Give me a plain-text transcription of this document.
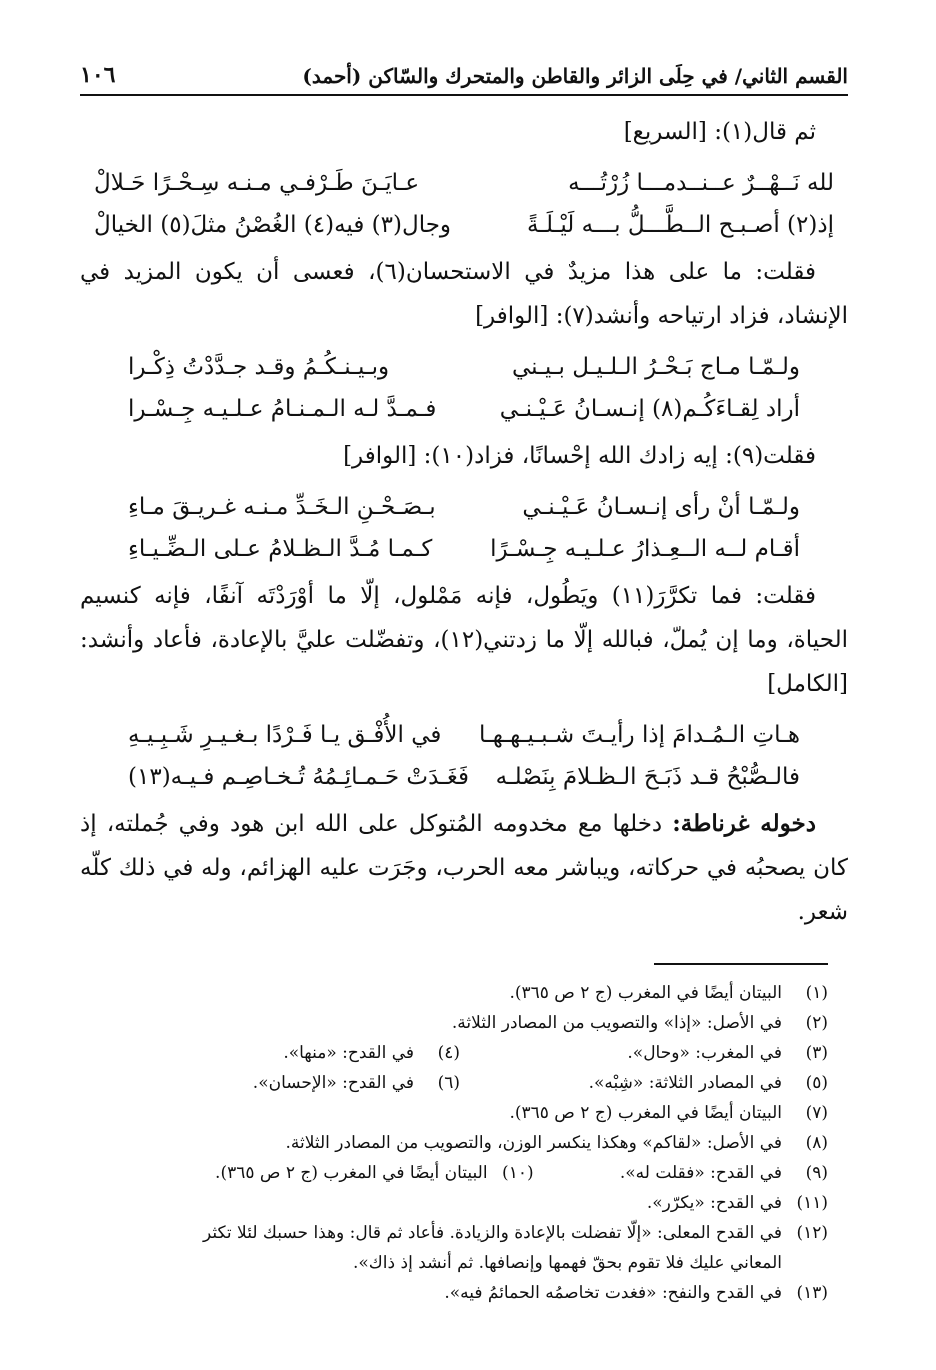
القسم الثاني/ في حِلَى الزائر والقاطن والمتحرك والسّاكن (أحمد)
١٠٦

ثم قال(١): [السريع]

لله نَــهْــرٌ عــنــدمـــا زُرْتُـــه
عـايَـنَ طَـرْفـي مـنـه سِـحْـرًا حَـلالْ
إذ(٢) أصـبـح الــطَّـــلُّ بـــه لَيْـلَـةً
وجال(٣) فيه(٤) الغُصْنُ مثلَ(٥) الخيالْ

فقلت: ما على هذا مزيدٌ في الاستحسان(٦)، فعسى أن يكون المزيد في الإنشاد، فزاد ارتياحه وأنشد(٧): [الوافر]

ولـمّـا مـاج بَـحْـرُ الـلـيـل بـيـني
وبـيـنـكُـمُ وقـد جـدَّدْتُ ذِكْـرا
أراد لِقـاءَكُـم(٨) إنـسـانُ عَـيْـنـي
فـمـدَّ لـه الـمـنـامُ عـلـيـه جِـسْـرا

فقلت(٩): إيه زادك الله إحْسانًا، فزاد(١٠): [الوافر]

ولـمّـا أنْ رأى إنـسـانُ عَـيْـنـي
بـصَـحْـنِ الـخَـدِّ مـنـه غـريـقَ مـاءِ
أقـام لــه الــعِـذارُ عـلـيـه جِـسْـرًا
كـمـا مُـدَّ الـظـلامُ عـلى الـضِّـيـاءِ

فقلت: فما تكرَّرَ(١١) ويَطُول، فإنه مَمْلول، إلّا ما أوْرَدْتَه آنفًا، فإنه كنسيم الحياة، وما إن يُملّ، فبالله إلّا ما زدتني(١٢)، وتفضّلت عليَّ بالإعادة، فأعاد وأنشد: [الكامل]

هـاتِ الـمُـدامَ إذا رأيـتَ شـبـيـهـهـا
في الأُفْـق يـا فَـرْدًا بـغـيـرِ شَـبِـيـهِ
فالـصُّبْحُ قـد ذَبَـحَ الـظـلامَ بِنَصْلـه
فَغَـدَتْ حَـمـائِـمُهُ تُـخـاصِـم فـيـه(١٣)

دخوله غرناطة: دخلها مع مخدومه المُتوكل على الله ابن هود وفي جُملته، إذ كان يصحبُه في حركاته، ويباشر معه الحرب، وجَرَت عليه الهزائم، وله في ذلك كلّه شعر.

(١)
البيتان أيضًا في المغرب (ج ٢ ص ٣٦٥).
(٢)
في الأصل: «إذا» والتصويب من المصادر الثلاثة.
(٣)
في المغرب: «وحال».
(٤)
في القدح: «منها».
(٥)
في المصادر الثلاثة: «شِبْه».
(٦)
في القدح: «الإحسان».
(٧)
البيتان أيضًا في المغرب (ج ٢ ص ٣٦٥).
(٨)
في الأصل: «لقاكم» وهكذا ينكسر الوزن، والتصويب من المصادر الثلاثة.
(٩)
في القدح: «فقلت له».
(١٠)
البيتان أيضًا في المغرب (ج ٢ ص ٣٦٥).
(١١)
في القدح: «يكرّر».
(١٢)
في القدح المعلى: «إلّا تفضلت بالإعادة والزيادة. فأعاد ثم قال: وهذا حسبك لئلا تكثر
المعاني عليك فلا تقوم بحقّ فهمها وإنصافها. ثم أنشد إذ ذاك».
(١٣)
في القدح والنفح: «فغدت تخاصمُه الحمائمُ فيه».
